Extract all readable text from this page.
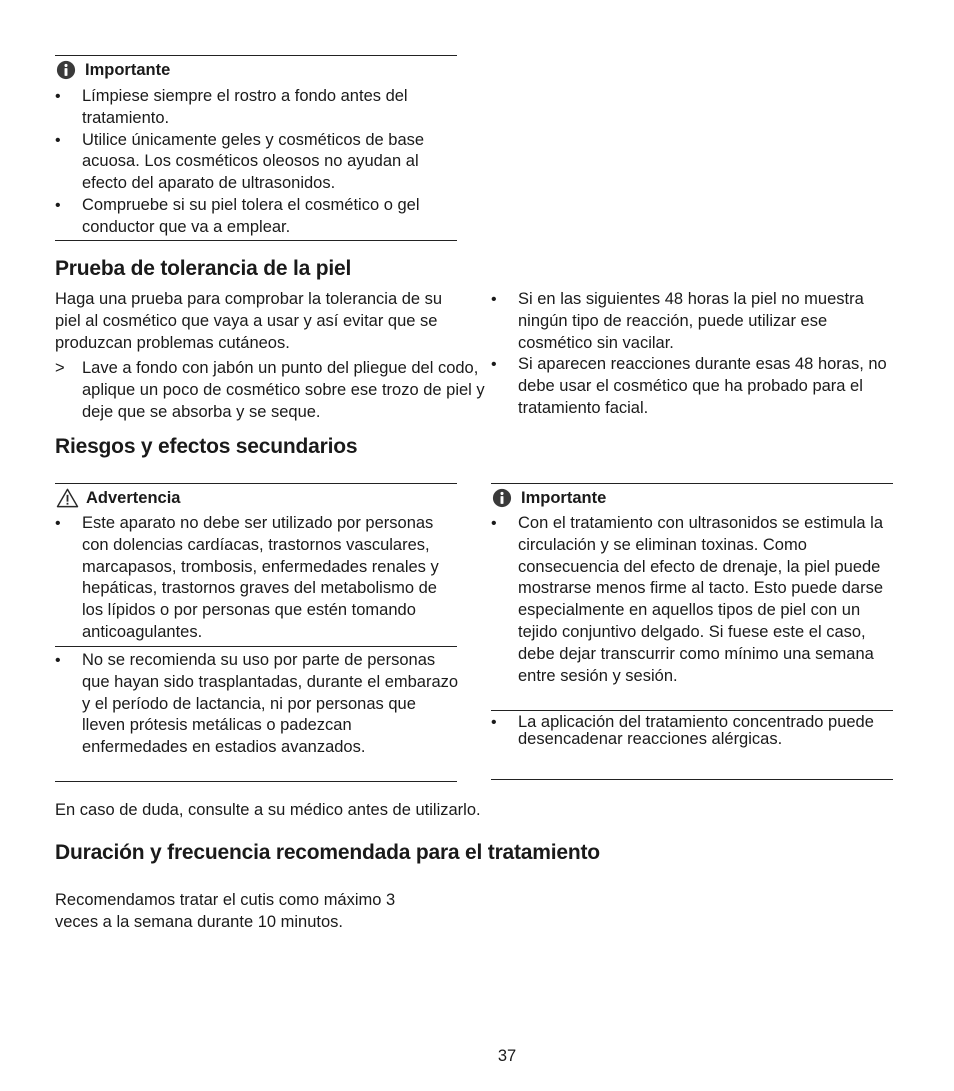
Importante
• Límpiese siempre el rostro a fondo antes del tratamiento.
• Utilice únicamente geles y cosméticos de base acuosa. Los cosméticos oleosos no ayudan al efecto del aparato de ultrasonidos.
• Compruebe si su piel tolera el cosmético o gel conductor que va a emplear.
Prueba de tolerancia de la piel
Haga una prueba para comprobar la tolerancia de su piel al cosmético que vaya a usar y así evitar que se produzcan problemas cutáneos.
> Lave a fondo con jabón un punto del pliegue del codo, aplique un poco de cosmético sobre ese trozo de piel y deje que se absorba y se seque.
• Si en las siguientes 48 horas la piel no muestra ningún tipo de reacción, puede utilizar ese cosmético sin vacilar.
• Si aparecen reacciones durante esas 48 horas, no debe usar el cosmético que ha probado para el tratamiento facial.
Riesgos y efectos secundarios
Advertencia
• Este aparato no debe ser utilizado por personas con dolencias cardíacas, trastornos vasculares, marcapasos, trombosis, enfermedades renales y hepáticas, trastornos graves del metabolismo de los lípidos o por personas que estén tomando anticoagulantes.
• No se recomienda su uso por parte de personas que hayan sido trasplantadas, durante el embarazo y el período de lactancia, ni por personas que lleven prótesis metálicas o padezcan enfermedades en estadios avanzados.
Importante
• Con el tratamiento con ultrasonidos se estimula la circulación y se eliminan toxinas. Como consecuencia del efecto de drenaje, la piel puede mostrarse menos firme al tacto. Esto puede darse especialmente en aquellos tipos de piel con un tejido conjuntivo delgado. Si fuese este el caso, debe dejar transcurrir como mínimo una semana entre sesión y sesión.
• La aplicación del tratamiento concentrado puede desencadenar reacciones alérgicas.
En caso de duda, consulte a su médico antes de utilizarlo.
Duración y frecuencia recomendada para el tratamiento
Recomendamos tratar el cutis como máximo 3 veces a la semana durante 10 minutos.
37
